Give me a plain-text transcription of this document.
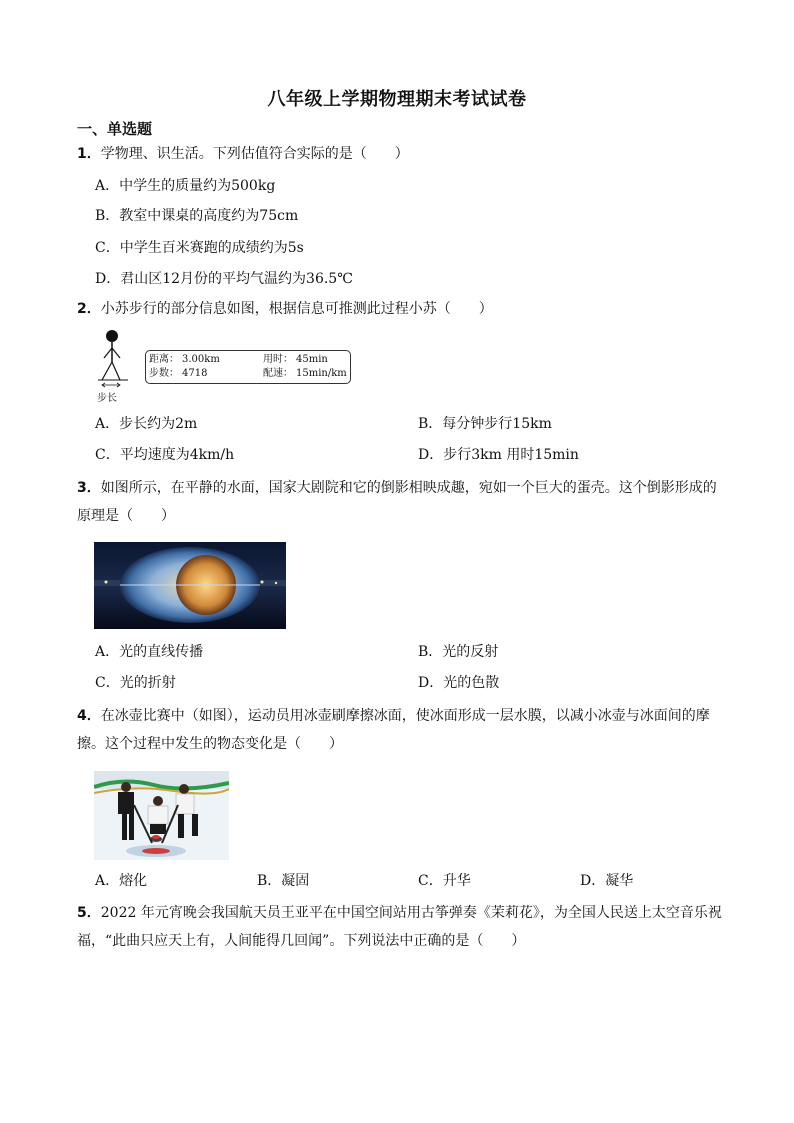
八年级上学期物理期末考试试卷
一、单选题
1．学物理、识生活。下列估值符合实际的是（　　）
A．中学生的质量约为500kg
B．教室中课桌的高度约为75cm
C．中学生百米赛跑的成绩约为5s
D．君山区12月份的平均气温约为36.5℃
2．小苏步行的部分信息如图，根据信息可推测此过程小苏（　　）
步长
距离： 3.00km	用时： 45min
步数： 4718	配速： 15min/km
A．步长约为2m	B．每分钟步行15km
C．平均速度为4km/h	D．步行3km 用时15min
3．如图所示，在平静的水面，国家大剧院和它的倒影相映成趣，宛如一个巨大的蛋壳。这个倒影形成的
原理是（　　）
A．光的直线传播	B．光的反射
C．光的折射	D．光的色散
4．在冰壶比赛中（如图），运动员用冰壶刷摩擦冰面，使冰面形成一层水膜，以减小冰壶与冰面间的摩
擦。这个过程中发生的物态变化是（　　）
A．熔化	B．凝固	C．升华	D．凝华
5．2022 年元宵晚会我国航天员王亚平在中国空间站用古筝弹奏《茉莉花》，为全国人民送上太空音乐祝
福，“此曲只应天上有，人间能得几回闻”。下列说法中正确的是（　　）
